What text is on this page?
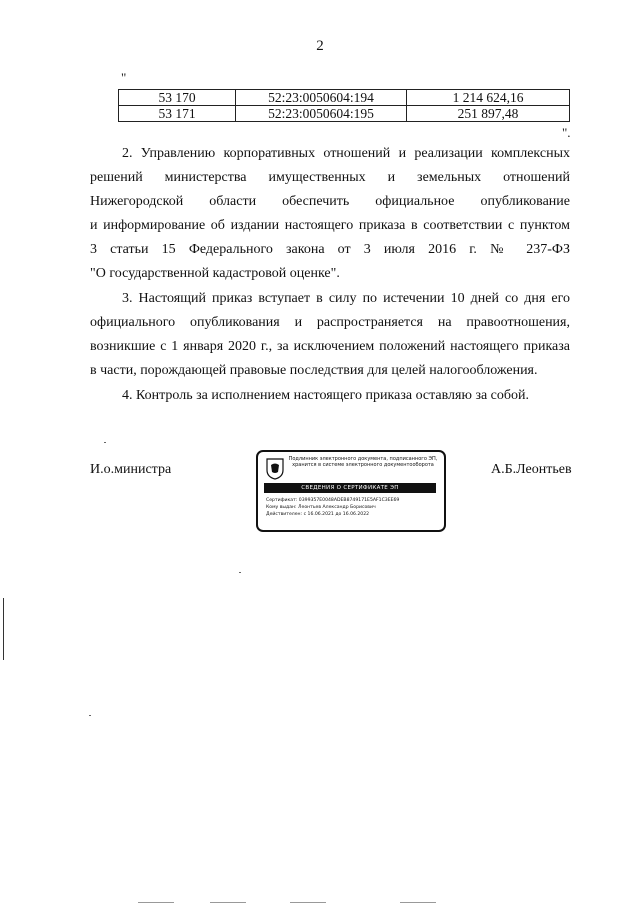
2
"
53 170	52:23:0050604:194	1 214 624,16
53 171	52:23:0050604:195	251 897,48
".
2. Управлению корпоративных отношений и реализации комплексных
решений министерства имущественных и земельных отношений
Нижегородской области обеспечить официальное опубликование
и информирование об издании настоящего приказа в соответствии с пунктом
3 статьи 15 Федерального закона от 3 июля 2016 г. № 237-ФЗ
"О государственной кадастровой оценке".
3. Настоящий приказ вступает в силу по истечении 10 дней со дня его
официального опубликования и распространяется на правоотношения,
возникшие с 1 января 2020 г., за исключением положений настоящего приказа
в части, порождающей правовые последствия для целей налогообложения.
4. Контроль за исполнением настоящего приказа оставляю за собой.
И.о.министра	А.Б.Леонтьев
Подлинник электронного документа, подписанного ЭП,
хранится в системе электронного документооборота
СВЕДЕНИЯ О СЕРТИФИКАТЕ ЭП
Сертификат: 0399357E0048ADEB8749171E5AF1C3EE69
Кому выдан: Леонтьев Александр Борисович
Действителен: с 16.06.2021 до 16.06.2022
